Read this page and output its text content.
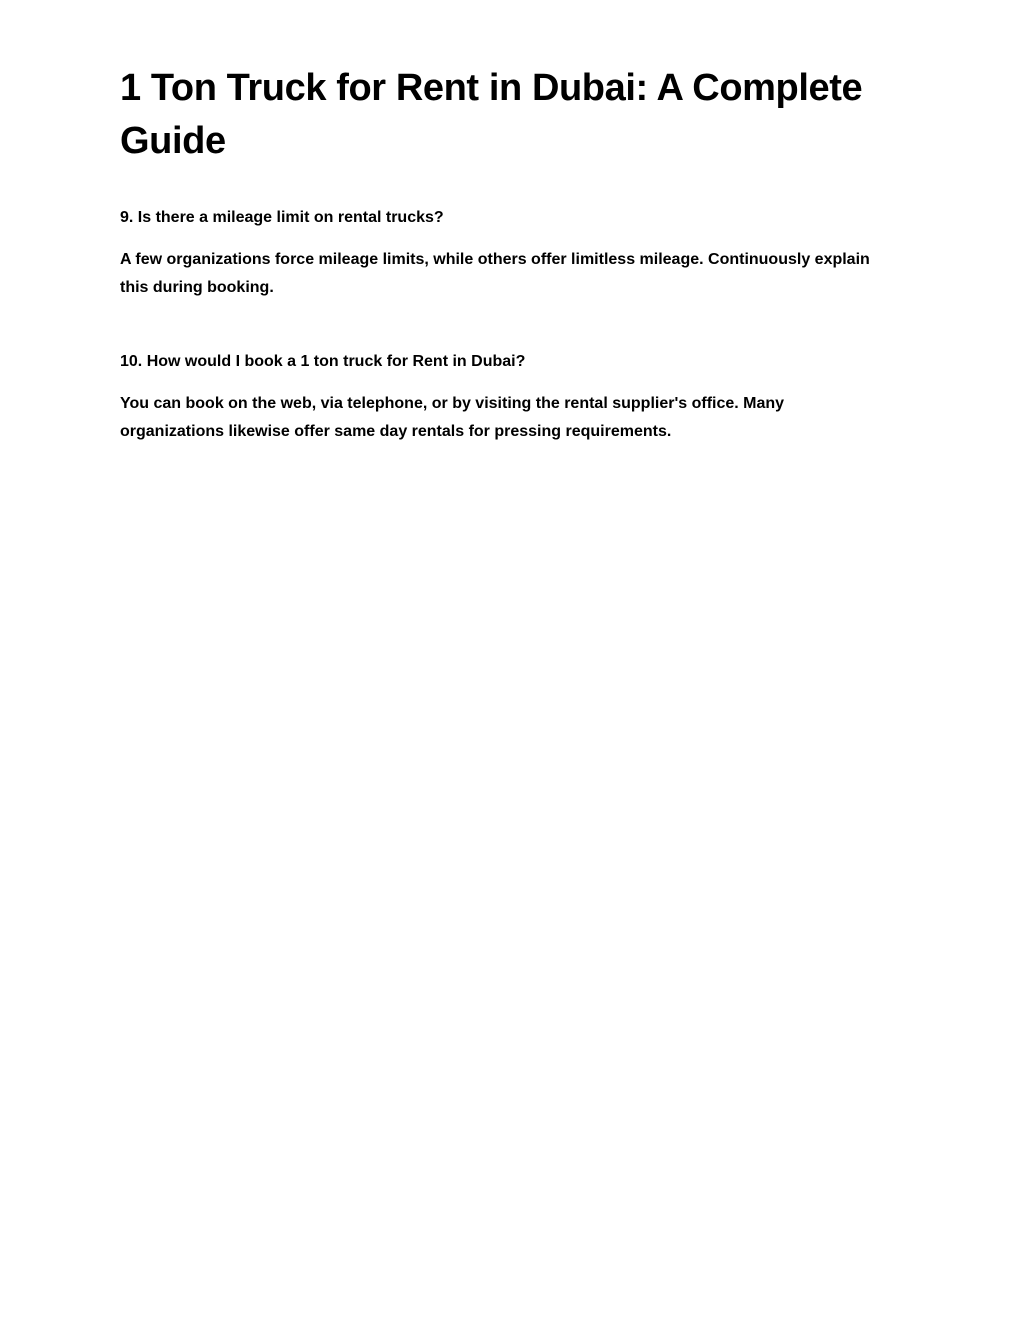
1 Ton Truck for Rent in Dubai: A Complete Guide

9. Is there a mileage limit on rental trucks?

A few organizations force mileage limits, while others offer limitless mileage. Continuously explain this during booking.

10. How would I book a 1 ton truck for Rent in Dubai?

You can book on the web, via telephone, or by visiting the rental supplier's office. Many organizations likewise offer same day rentals for pressing requirements.
